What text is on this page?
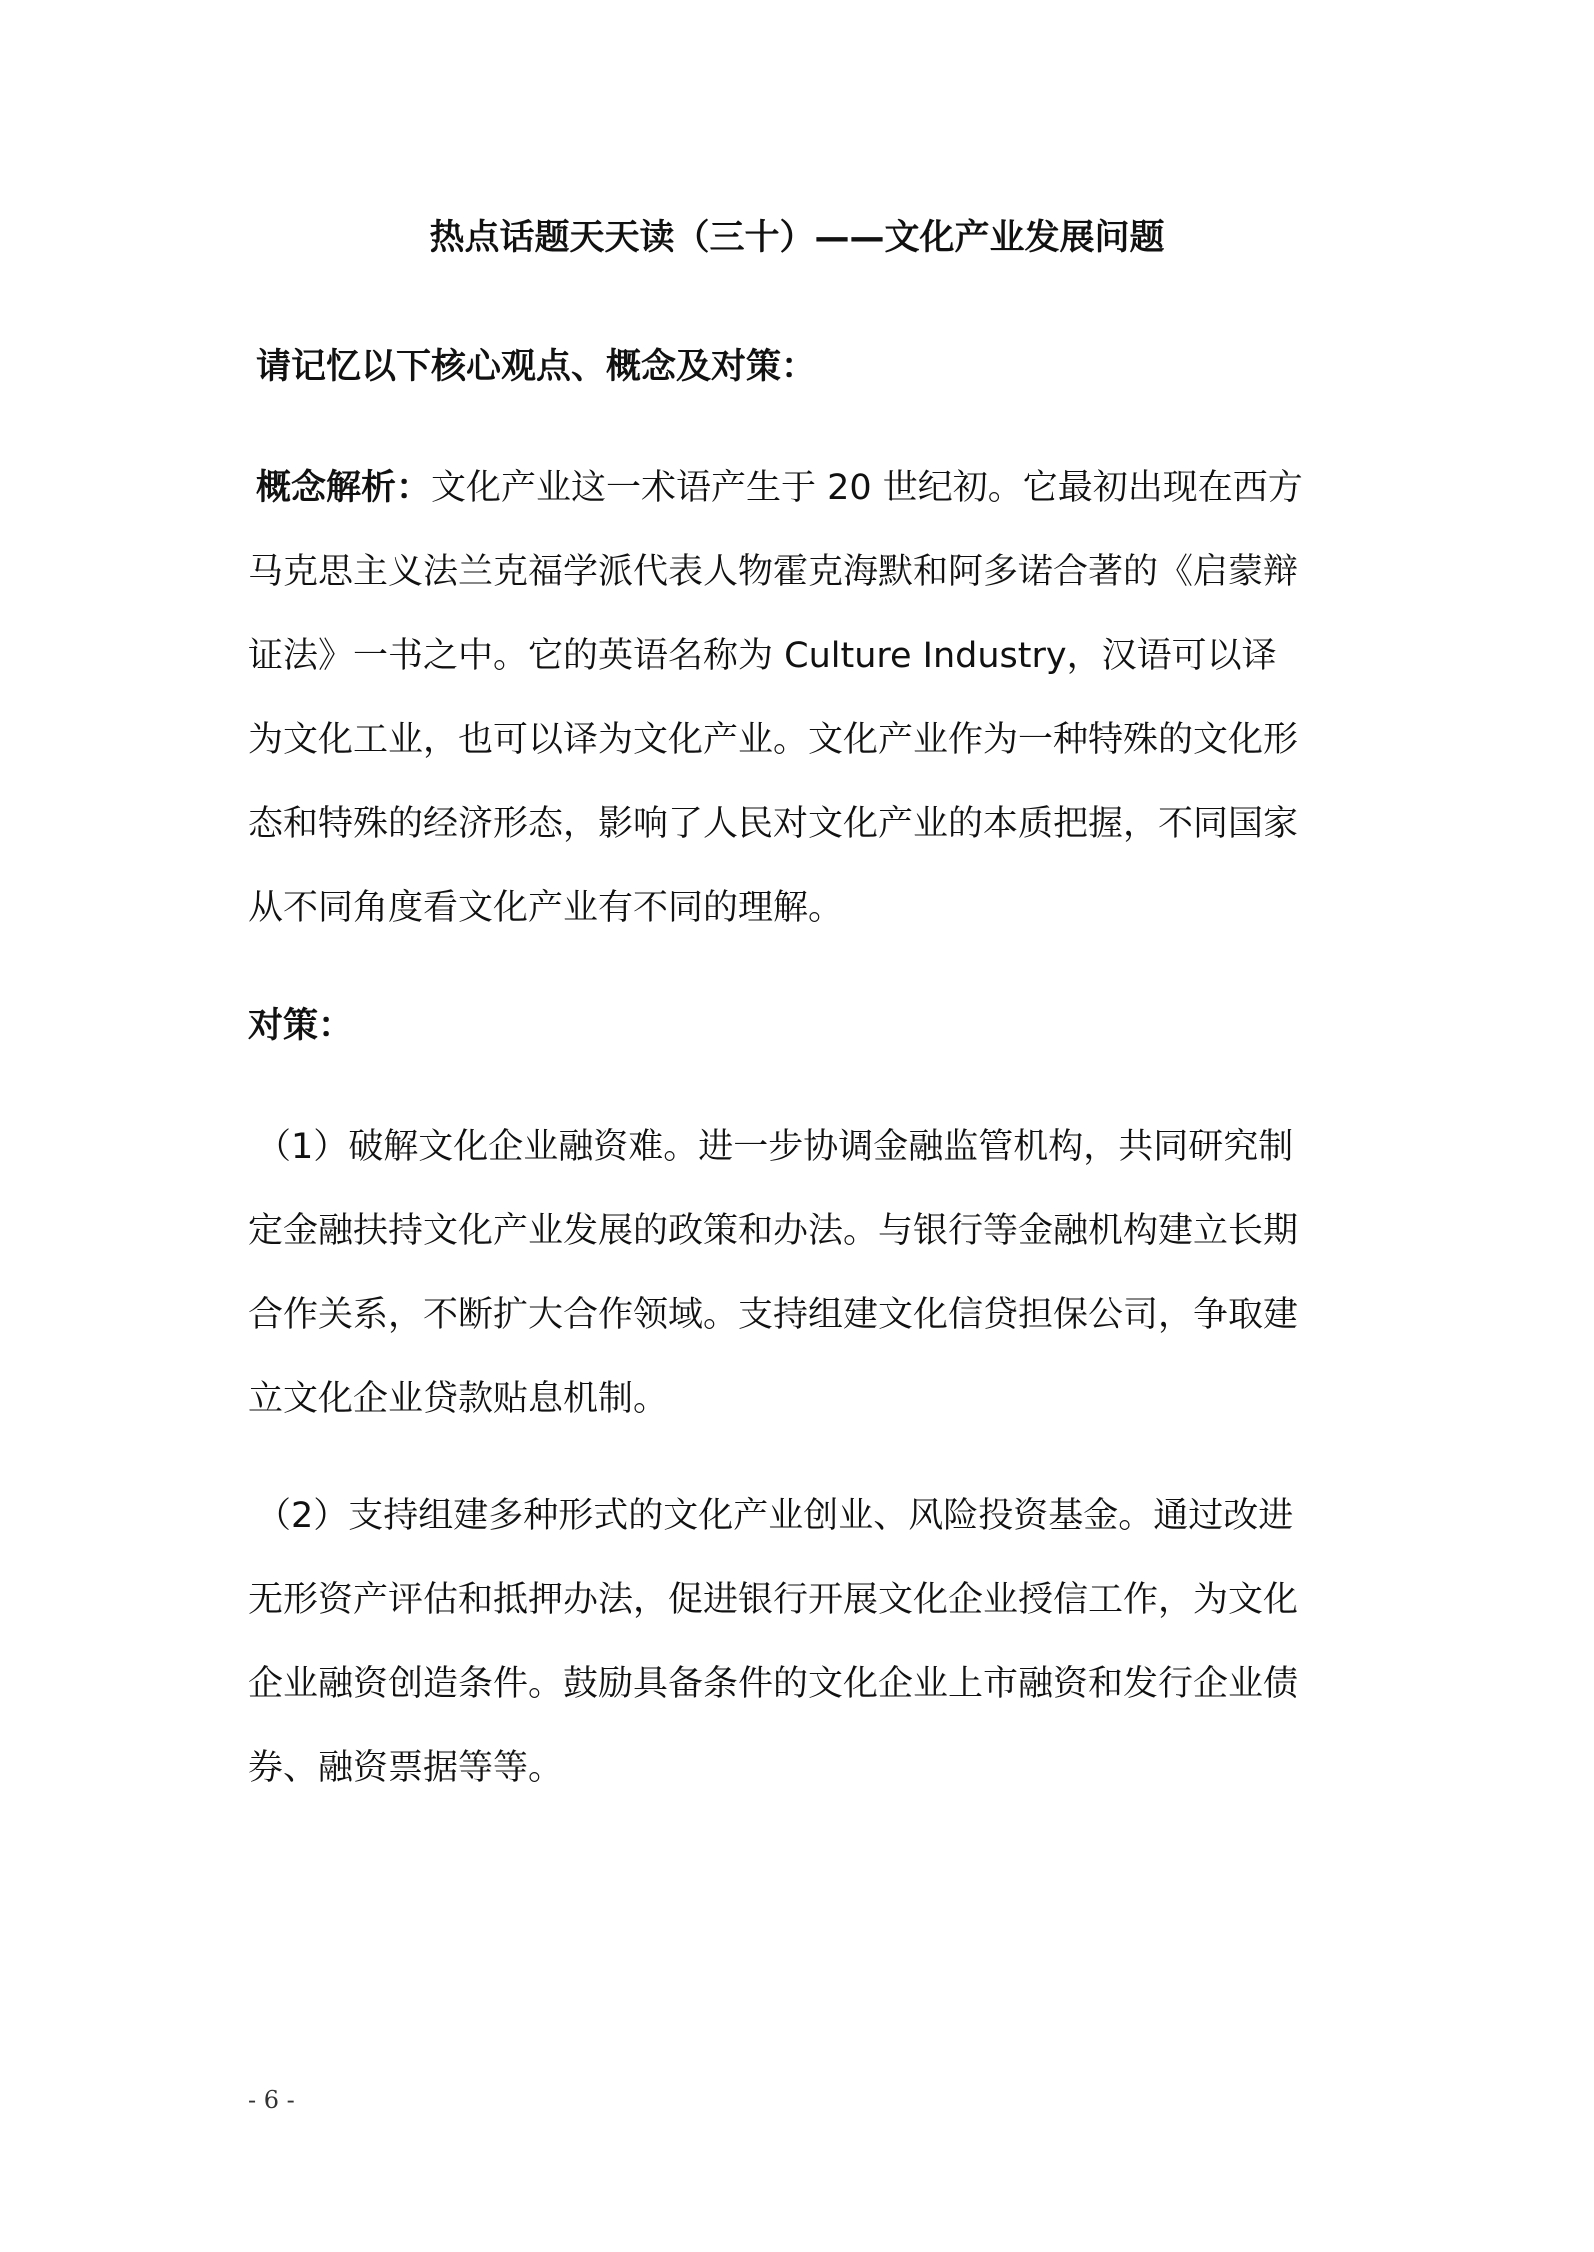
热点话题天天读（三十）——文化产业发展问题
请记忆以下核心观点、概念及对策：
概念解析：文化产业这一术语产生于 20 世纪初。它最初出现在西方
马克思主义法兰克福学派代表人物霍克海默和阿多诺合著的《启蒙辩
证法》一书之中。它的英语名称为 Culture Industry，汉语可以译
为文化工业，也可以译为文化产业。文化产业作为一种特殊的文化形
态和特殊的经济形态，影响了人民对文化产业的本质把握，不同国家
从不同角度看文化产业有不同的理解。
对策：
（1）破解文化企业融资难。进一步协调金融监管机构，共同研究制
定金融扶持文化产业发展的政策和办法。与银行等金融机构建立长期
合作关系，不断扩大合作领域。支持组建文化信贷担保公司，争取建
立文化企业贷款贴息机制。
（2）支持组建多种形式的文化产业创业、风险投资基金。通过改进
无形资产评估和抵押办法，促进银行开展文化企业授信工作，为文化
企业融资创造条件。鼓励具备条件的文化企业上市融资和发行企业债
券、融资票据等等。
- 6 -
